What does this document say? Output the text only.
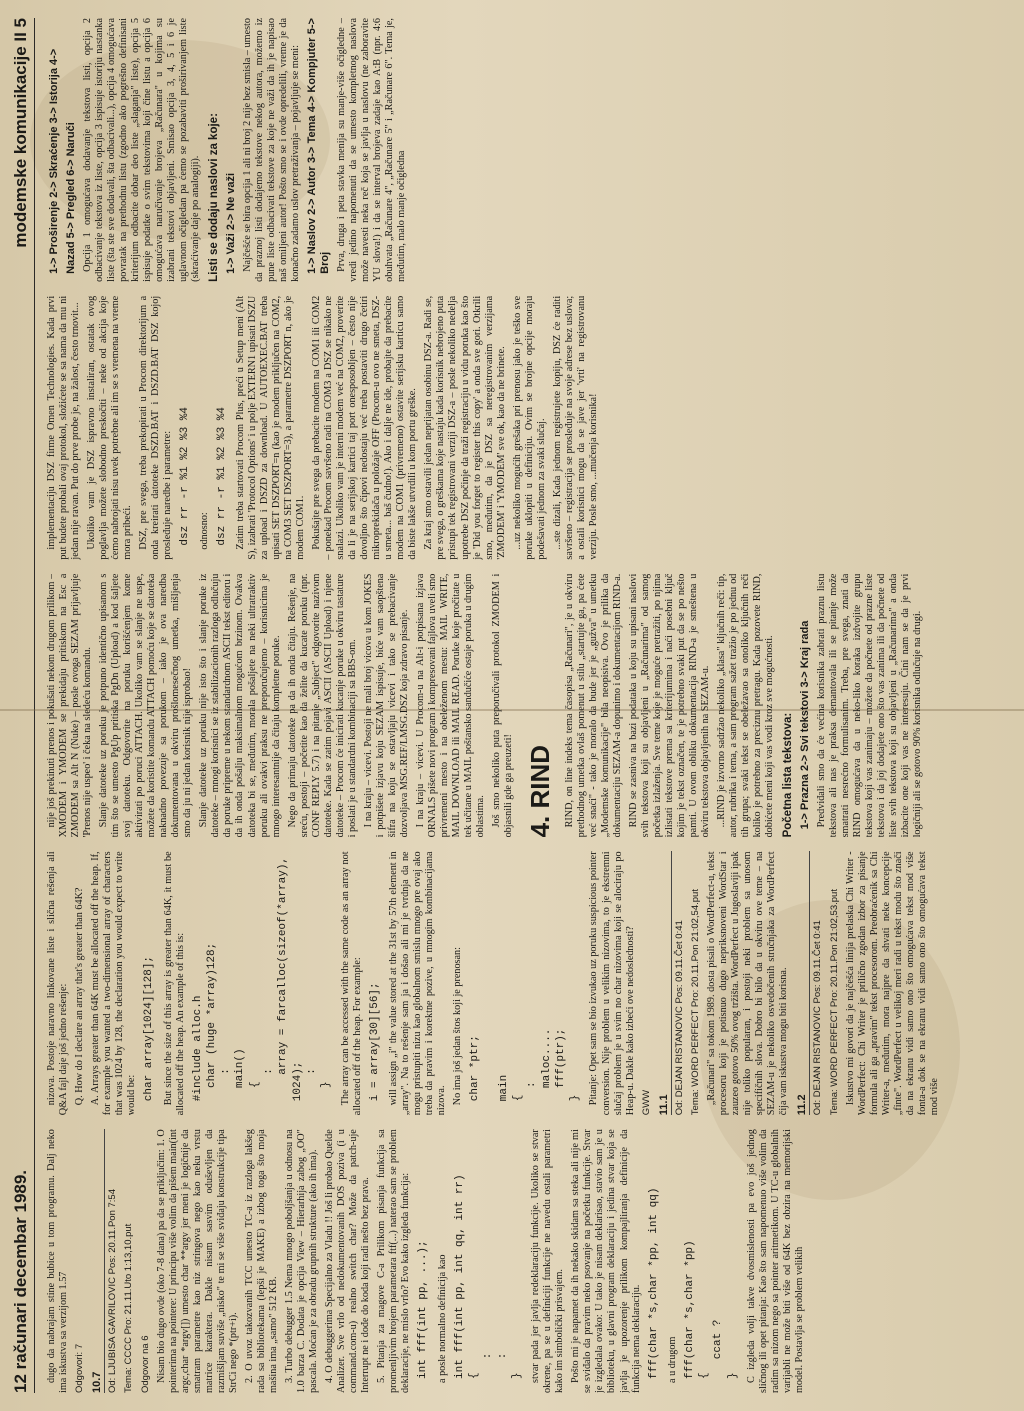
12 računari decembar 1989.
modemske komunikacije II 5

dugo da nabrajam stine bubice u tom programu. Dalj neko ima iskustva sa verzijom 1.57 Odgovori: 7 10.7 Od: LJUBISA GAVRILOVIC Pos: 20.11.Pon 7:54 Tema: CCCC Pro: 21.11.Uto 1:13,10.put Odgovor na 6 Nisam bio dugo ovde (oko 7-8 dana) pa da se priključim: 1. O pointerima na pointere: U principu više volim da pišem main(int argc,char *argv[]) umesto char **argv jer meni je logičnije da smatram parametre kao niz stringova nego kao neku vrstu matrice karaktera. Dakle nisam sasvim oduševljen da razmišljam suviše „nisko" te mi se više sviđaju konstrukcije tipa StrCi nego *(ptr+i). 2. O uvoz takozvanih TCC umesto TC-a iz razloga lakšeg rada sa bibliotekama (lepši je MAKE) a izbog toga što moja mašina ima „samo" 512 KB. 3. Turbo debugger 1.5 Nema mnogo poboljšanja u odnosu na 1.0 barza C. Dodata je opcija View – Hierarhija zabog „OO" pascala. Moćan je za obradu grupnih strukture (ako ih ima). 4. O debuggerima Specijalno za Vladu !! Još li probao Quelde Analizer. Sve vrlo od nedokumentovanih DOS poziva (i u command.com-u) realno switch char? Može da patch-uje Interrupt ne i dođe do koda koji radi nešto bez prava. 5. Pitanja za magove C-a Prilikom pisanja funkcija sa promenljivim brojem parametara ftf(...) naterao sam se problem deklaracije, ne mislo vrlo? Evo kako izgleda funkcija: int fff(int pp, ...); a posle normalno definicija kao int fff(int pp, int qq, int rr)
{
:
:
} stvar pada jer javlja redeklaraciju funkcije. Ukoliko se stvar okrene, pa se u definiciji funkcije ne navedu ostali parametri kako im simbolički prisvajem. Pošto mi je napamet da ih nekako skidam sa steka ali nije mi se sviđalo da pravim neko psovanje na početku funkcije. Stvar je izgledala ovako: U tako je nisam deklarisao, stavio sam je u biblioteku, u glavni program deklaraciju i jedina stvar koja se javlja je upozorenje prilikom kompajliranja definicije da funkcija nema deklaraciju. fff(char *s,char *pp, int qq) a u drugom fff(char *s,char *pp)
{
ccat ?
} C izgleda volji takve dvosmislenosti pa evo još jednog sličnog ili opet pitanja: Kao što sam napomenuo više volim da radim sa nizom nego sa pointer aritmetikom. U TC-u globalnih varijabli ne može biti više od 64K bez obzira na memorijski model. Postavlja se problem velikih

nizova. Postoje naravno linkovane liste i slična rešenja ali Q&A fajl daje još jedno rešenje: Q. How do I declare an array that's greater than 64K? A. Arrays greater than 64K must be allocated off the heap. If, for example you wanted a two-dimensional array of characters that was 1024 by 128, the declaration you would expect to write would be: char array[1024][128]; But since the size of this array is greater than 64K, it must be allocated off the heap. An example of this is: #include alloc.h
char (huge *array)128;
:
main()
{
:
array = farcalloc(sizeof(*array),
1024);
:
} The array can be accessed with the same code as an array not allocated off of the heap. For example: i = array[30][56]; will assign „i" the value stored at the 31st by 57th element in „array". Na to rešenje sam ja i došao ali mi je tvrdnja da ne mogu pristupiti nizu kao globalnom smislu mnogo pre ovaj ako treba da pravim i korektne pozive, u mnogim kombinacijama nizova. No ima još jedan štos koji je prenosan: char *ptr;

main
{
:
maloc....
fff(ptr);
} Pitanje: Opet sam se bio izvukao uz poruku suspicious pointer conversion. Nije problem u velikim nizovima, to je ekstremni slučaj problem je u svim no char nizovima koji se alociraju po Heap-u. Dakle kako izbeći ove nedoslednosti? GWW 11.1 Od: DEJAN RISTANOVIC Pos: 09.11.Čet 0:41 Tema: WORD PERFECT Pro: 20.11.Pon 21:02,54.put „Računari" sa tokom 1989. dosta pisali o WordPerfect-u, tekst procesoru koji je potisnuo dugo nepriksnoveni WordStar i zauzeo gotovo 50% ovog tržišta. WordPerfect u Jugoslaviji ipak nije toliko popularan, i postoji neki problem sa unosom specifičnih slova. Dobro bi bilo da u okviru ove teme – na SEZAM-u je nekoliko osvedočenih stručnjaka za WordPerfect čija vam iskustva mogu biti korisna. 11.2 Od: DEJAN RISTANOVIC Pos: 09.11.Čet 0:41 Tema: WORD PERFECT Pro: 20.11.Pon 21:02,53.put Iskustvo mi govori da je najčešća linija prelaska Chi Writer - WordPerfect: Chi Writer je prilično zgodan izbor za pisanje formula ali ga „pravim" tekst procesorom. Preobraćenik sa Chi Writer-a, međutim, mora najpre da shvati neke koncepcije „finte". WordPerfect u velikoj meri radi u tekst modu što znači da na ekranu vidi samo ono što omogućava tekst mod više fonta-a dok se na ekranu vidi samo ono što omogućava tekst mod više

nije još prekinuti prenos i pokušati nekom drugom prilikom – XMODEM i YMODEM se prekidaju pritiskom na Esc a ZMODEM sa Alt N (Nuke) – posle ovoga SEZAM prijavljuje 'Prenos nije uspeo' i čeka na sledeću komandu. Slanje datoteke uz poruku je potpuno identično upisanom s tim što se umesto PgUp pritiska PgDn (Upload) a kod šaljete svoj datoteku. Odgovorite na poruku korišćenjem kome aktivirati po poruci ATTACH. Ukoliko vam se slanje ne uspe, možete da koristite komandu ATTACH pomoću koje se datoteka naknadno povezuje sa porukom – iako je ova naredba dokumentovana u okviru prošlomesečnog umetka, mišljenja smo da ju ni jedan korisnik nije isprobao! Slanje datoteke uz poruku nije isto što i slanje poruke iz datoteke – mnogi korisnici se iz stabilizacionih razloga odlučuju da poruke pripreme u nekom standardnom ASCII tekst editoru i da ih onda pošalju maksimalnom mogućom brzinom. Ovakva datoteka bi se, međutim, morala pošaljete na neki ultratraktiv poruku ali ovakvi praksu ne preporučujemo – korisnicima je mnogo interesantnije da čitaju kompletne poruke. Nego da primaju datoteke pa da ih onda čitaju. Rešenje, na sreću, postoji – početite kao da želite da kucate poruku (npr. CONF REPLY 5.7) i na pitanje „Subject" odgovorite nazivom datoteke. Kada se zatim pojavi ASCII (ASCII Upload) i njene datoteke – Procom će inicirati kucanje poruke u okviru tastature i poslati je u standardni kombinaciji sa BBS-om. I na kraju – vicevi. Postoji ne mali broj vicova u kom JOKES i potpišete izjavu koju SEZAM ispisuje, biće vam saopštena šifra na koju se ostavljaju vicevi i tako se prebacivanje dozvoljava MSG.REF/LMSG.DSZ koja zdravo pisanje. I na kraju – vicevi. U Procom-u na Alt-i potpisana izjava ORNALS pišete novi program i kompresovani fajlova uveli smo privremeni mesto i na obeleženom mestu: MAIL WRITE, MAIL DOWNLOAD ili MAIL READ. Poruke koje pročitate u tek učitane u MAIL poštansko sandučiće ostaje poruka u drugim oblastima. Još smo nekoliko puta preporučivali protokol ZMODEM i objasnili gde ga preuzeti! 4. RIND RIND, on line indeks tema časopisa „Računari", je u okviru prethodnog umetka ovlaš pomenut u stilu „startujte ga, pa ćete već snaći" - tako je moralo da bude jer je „gužva" u umetku „Modemske komunikacije" bila neopisiva. Ovo je prilika da dokumentaciju SEZAM-a dopunimo i dokumentacijom RIND-a. RIND se zasniva na bazi podataka u koju su upisani naslovi svih tekstova koji su objavljeni u „Računarima" od samog početka izlaženja. Sve teme koje je moguće pretražiti, po njima izlistati tekstove prema sa kriterijumima i naći posebni ključ kojim je tekst označen, te je potrebno svaki put da se po nešto pamti. U ovom obliku dokumentacija RIND-a je smeštena u okviru tekstova objavljenih na SEZAM-u. ...RIND je izvorno sadržao nekoliko „klasa" ključnih reči: tip, autor, rubrika i tema, a sam program sažet tražio je po jednu od tih grupa; svaki tekst se obeležavao sa onoliko ključnih reči koliko je potrebno za preciznu pretragu. Kada pozovete RIND, dobićete meni koji vas vodi kroz sve mogućnosti. Početna lista tekstova: 1-> Prazna 2-> Svi tekstovi 3-> Kraj rada Predviđali smo da će većina korisnika zabrati praznu listu tekstova ali nas je praksa demantovala ili se pitanje može smatrati nesrećno formulisanim. Treba, pre svega, znati da RIND omogućava da u neko-liko koraka izdvojite grupu tekstova koji vas zanimaju – možete da počnete od prazne liste tekstova i da joj dodajete ono što vas zanima ili da počnete od liste svih tekstova koji su objavljeni u „Računarima" a onda izbacite one koji vas ne interesuju. Čini nam se da je prvi logičniji ali se gotovo 90% korisnika odlučuje na drugi.

implementaciju DSZ firme Omen Technologies. Kada prvi put budete probali ovaj protokol, složićete se sa nama da mu ni jedan nije ravan. Put do prve probe je, na žalost, često trnovit... Ukoliko vam je DSZ ispravno instaliran, ostatak ovog poglavlja možete slobodno preskočiti – neke od akcija koje ćemo nabrojati nisu uvek potrebne ali im se s vremena na vreme mora pribeći. DSZ, pre svega, treba prekopirati u Procom direktorijum a onda kreirati datoteke DSZD.BAT i DSZD.BAT DSZ kojoj prosleđuje naredbe i parametre: dsz rr -r %1 %2 %3 %4 odnosno: dsz rr -r %1 %2 %3 %4 Zatim treba startovati Procom Plus, preći u Setup meni (Alt S), izabrati 'Protocol Options' i u polje EXTERN1 upisati DSZU za upload i DSZD za download. U AUTOEXEC.BAT treba upisati SET DSZPORT=n (kao je modem priključen na COM2, na COM3 SET DSZPORT=3), a parametre DSZPORT n, ako je modem COM1. Pokušajte pre svega da prebacite modem na COM1 ili COM2 – ponekad Procom savršeno radi na COM3 a DSZ se nikako ne snalazi. Ukoliko vam je interni modem već na COM2, proverite da li je na serijskoj kartici taj port onesposobljen – često nije dovoljno što čipovi nedostaju već treba postaviti drugo četiri mikroprekidača u položaje OFF (Procom-u ovo ne smeta, DSZ-u smeta... baš čudno!). Ako i dalje ne ide, probajte da prebacite modem na COM1 (privremeno) ostavite serijsku karticu samo da biste lakše utvrdili u kom portu greške. Za kraj smo ostavili jedan neprijatan osobinu DSZ-a. Radi se, pre svega, o greškama koje nastaju kada korisnik nebrojeno puta pristupi tek registrovani verziji DSZ-a – posle nekoliko nedelja upotrebe DSZ počinje da traži registraciju u vidu poruka kao što je 'Did you forget to register this copy' a onda sve gori. Otkrili smo, međutim, da je DSZ sa neregistrovanim verzijama 'ZMODEM' i 'YMODEM' sve ok, kao da ne brinete. ...uz nekoliko mogućih grešaka pri prenosu jako je teško sve poruke uklopiti u definiciju. Ovim se brojne opcije moraju podešavati jednom za svaki slučaj. ...ste dizali, Kada jednom registrujete kopiju, DSZ će raditi savršeno – registracija se prosleđuje na svoje adrese bez uslova; a ostali korisnici mogu da se jave jer 'vrti' na registrovanu verziju. Posle smo, ...mučenja korisnika!

1-> Proširenje 2-> Skraćenje 3-> Istorija 4-> Nazad 5-> Pregled 6-> Naruči Opcija 1 omogućava dodavanje tekstova listi, opcija 2 odbacivanje tekstova iz liste, opcija 3 ispisuje istoriju nastanka liste (šta ste sve dodavali, šta odbacivali...), opcija 4 omogućava povratak na prethodnu listu (zgodno ako pogrešno definisani kriterijum odbacite dobar deo liste „slaganja" liste), opcija 5 ispisuje podatke o svim tekstovima koji čine listu a opcija 6 omogućava naručivanje brojeva „Računara" u kojima su izabrani tekstovi objavljeni. Smisao opcija 3, 4, 5 i 6 je uglavnom očigledan pa ćemo se pozabaviti proširivanjem liste (skraćivanje daje po analogiji). Listi se dodaju naslovi za koje: 1-> Važi 2-> Ne važi Najčešće se bira opcija 1 ali ni broj 2 nije bez smisla – umesto da praznoj listi dodajemo tekstove nekog autora, možemo iz pune liste odbacivati tekstove za koje ne važi da ih je napisao naš omiljeni autor! Pošto smo se i ovde opredelili, vreme je da konačno zadamo uslov pretraživanja – pojavljuje se meni: 1-> Naslov 2-> Autor 3-> Tema 4-> Kompjuter 5-> Broj Prva, druga i peta stavka menija su manje-više očigledne – vredi jedino napomenuti da se umesto kompletnog naslova može navesti neka reč koja se javlja u naslovu (ne zaboravite YU slova!) i da se interval brojeva zadaje kao A:B (npr. 4:6 obuhvata „Računare 4", „Računare 5" i „Računare 6". Tema je, međutim, malo manje očigledna
